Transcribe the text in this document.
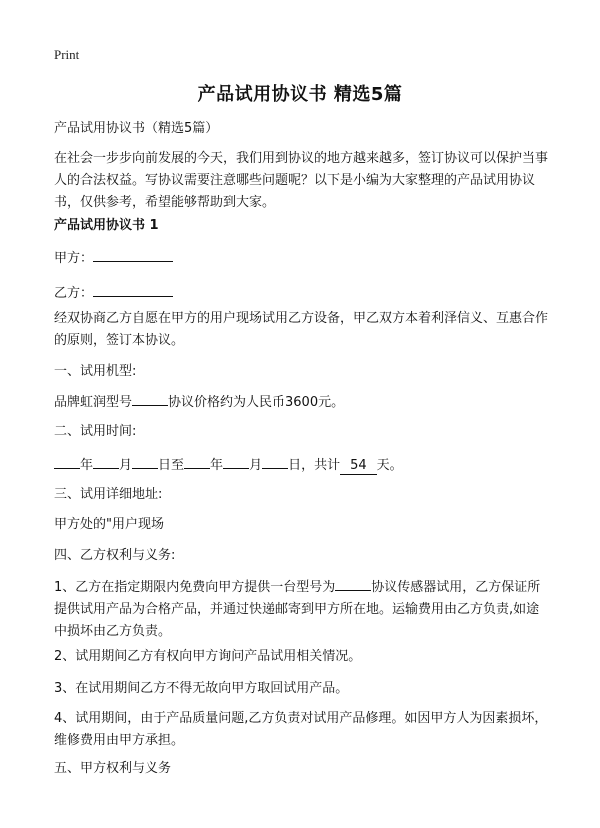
Print
产品试用协议书 精选5篇

产品试用协议书（精选5篇）

在社会一步步向前发展的今天，我们用到协议的地方越来越多，签订协议可以保护当事人的合法权益。写协议需要注意哪些问题呢？以下是小编为大家整理的产品试用协议书，仅供参考，希望能够帮助到大家。

产品试用协议书 1

甲方：

乙方：

经双协商乙方自愿在甲方的用户现场试用乙方设备，甲乙双方本着利泽信义、互惠合作的原则，签订本协议。

一、试用机型:

品牌虹润型号	协议价格约为人民币3600元。

二、试用时间:

年 月 日至 年 月 日，共计 54 天。

三、试用详细地址:

甲方处的"用户现场

四、乙方权利与义务:

1、乙方在指定期限内免费向甲方提供一台型号为	协议传感器试用，乙方保证所提供试用产品为合格产品，并通过快递邮寄到甲方所在地。运输费用由乙方负责,如途中损坏由乙方负责。

2、试用期间乙方有权向甲方询问产品试用相关情况。

3、在试用期间乙方不得无故向甲方取回试用产品。

4、试用期间，由于产品质量问题,乙方负责对试用产品修理。如因甲方人为因素损坏，维修费用由甲方承担。

五、甲方权利与义务
